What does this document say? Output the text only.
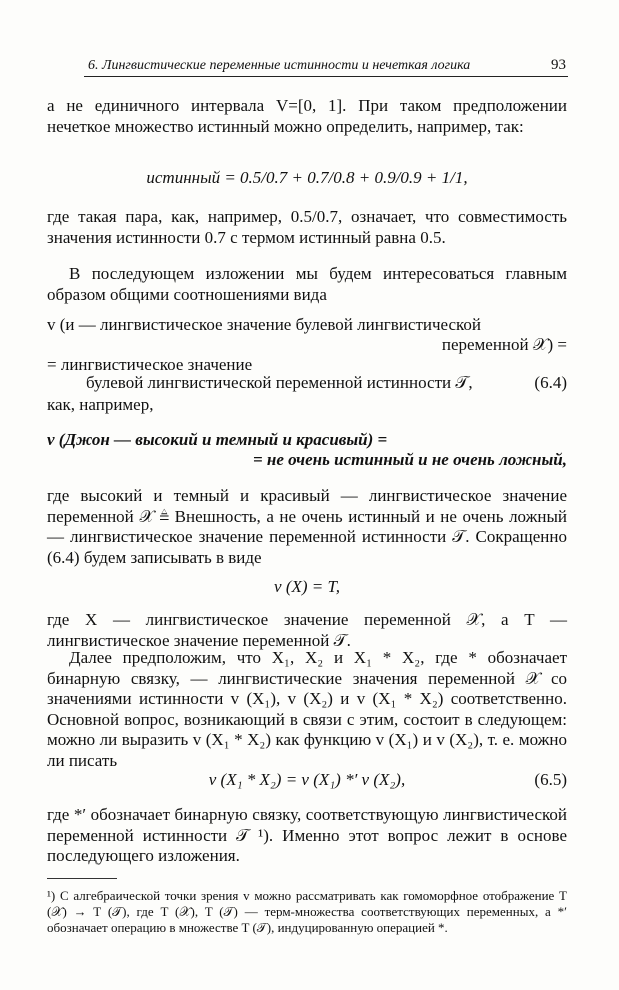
6. Лингвистические переменные истинности и нечеткая логика	93
а не единичного интервала V=[0, 1]. При таком предположении нечеткое множество истинный можно определить, например, так:
истинный = 0.5/0.7 + 0.7/0.8 + 0.9/0.9 + 1/1,
где такая пара, как, например, 0.5/0.7, означает, что совместимость значения истинности 0.7 с термом истинный равна 0.5.
В последующем изложении мы будем интересоваться главным образом общими соотношениями вида
v (и — лингвистическое значение булевой лингвистической
переменной 𝒳) =
= лингвистическое значение
булевой лингвистической переменной истинности 𝒯,	(6.4)
как, например,
v (Джон — высокий и темный и красивый) =
= не очень истинный и не очень ложный,
где высокий и темный и красивый — лингвистическое значение переменной 𝒳 ≜ Внешность, а не очень истинный и не очень ложный — лингвистическое значение переменной истинности 𝒯. Сокращенно (6.4) будем записывать в виде
v (X) = T,
где X — лингвистическое значение переменной 𝒳, а T — лингвистическое значение переменной 𝒯.
Далее предположим, что X₁, X₂ и X₁ * X₂, где * обозначает бинарную связку, — лингвистические значения переменной 𝒳 со значениями истинности v (X₁), v (X₂) и v (X₁ * X₂) соответственно. Основной вопрос, возникающий в связи с этим, состоит в следующем: можно ли выразить v (X₁ * X₂) как функцию v (X₁) и v (X₂), т. е. можно ли писать
v (X₁ * X₂) = v (X₁) *′ v (X₂),	(6.5)
где *′ обозначает бинарную связку, соответствующую лингвистической переменной истинности 𝒯 ¹). Именно этот вопрос лежит в основе последующего изложения.
¹) С алгебраической точки зрения v можно рассматривать как гомоморфное отображение T (𝒳) → T (𝒯), где T (𝒳), T (𝒯) — терм-множества соответствующих переменных, а *′ обозначает операцию в множестве T (𝒯), индуцированную операцией *.
